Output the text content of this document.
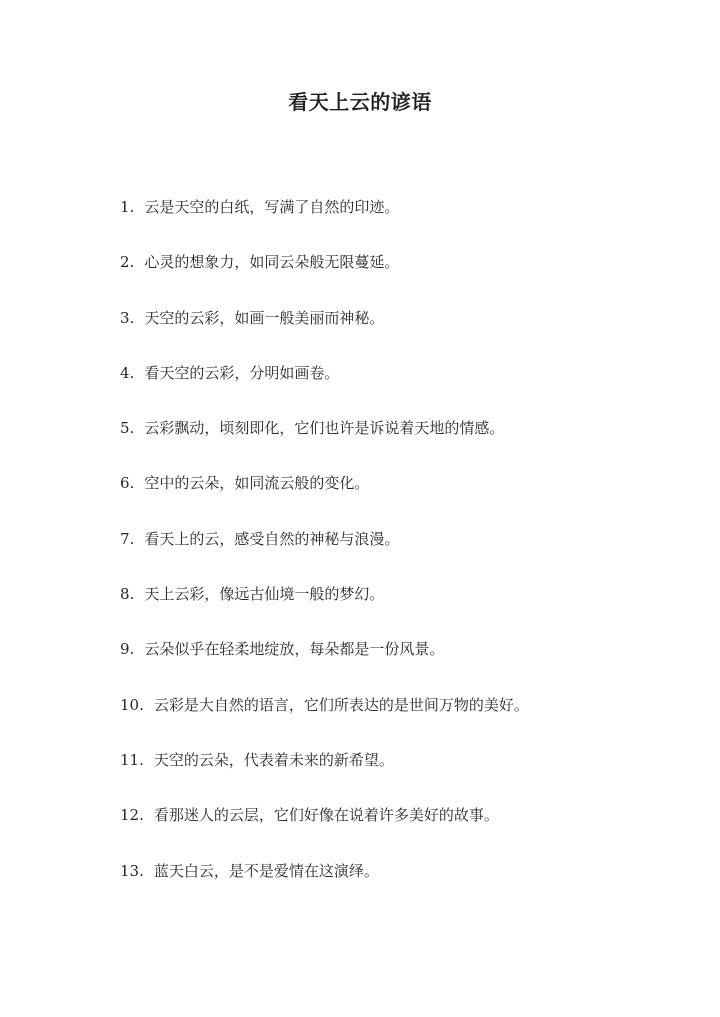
看天上云的谚语
1. 云是天空的白纸，写满了自然的印迹。
2. 心灵的想象力，如同云朵般无限蔓延。
3. 天空的云彩，如画一般美丽而神秘。
4. 看天空的云彩，分明如画卷。
5. 云彩飘动，顷刻即化，它们也许是诉说着天地的情感。
6. 空中的云朵，如同流云般的变化。
7. 看天上的云，感受自然的神秘与浪漫。
8. 天上云彩，像远古仙境一般的梦幻。
9. 云朵似乎在轻柔地绽放，每朵都是一份风景。
10. 云彩是大自然的语言，它们所表达的是世间万物的美好。
11. 天空的云朵，代表着未来的新希望。
12. 看那迷人的云层，它们好像在说着许多美好的故事。
13. 蓝天白云，是不是爱情在这演绎。
